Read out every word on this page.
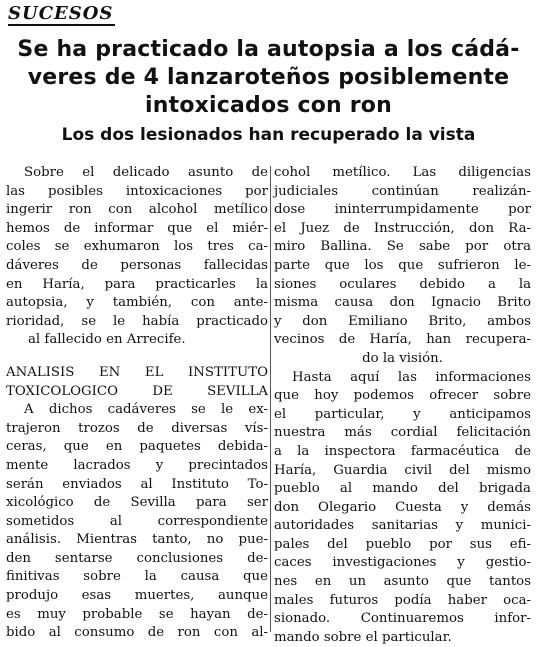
SUCESOS
Se ha practicado la autopsia a los cádá-
veres de 4 lanzaroteños posiblemente
intoxicados con ron
Los dos lesionados han recuperado la vista
Sobre el delicado asunto de
las posibles intoxicaciones por
ingerir ron con alcohol metílico
hemos de informar que el miér-
coles se exhumaron los tres ca-
dáveres de personas fallecidas
en Haría, para practicarles la
autopsia, y también, con ante-
rioridad, se le había practicado
al fallecido en Arrecife.
ANALISIS EN EL INSTITUTO
TOXICOLOGICO DE SEVILLA
A dichos cadáveres se le ex-
trajeron trozos de diversas vís-
ceras, que en paquetes debida-
mente lacrados y precintados
serán enviados al Instituto To-
xicológico de Sevilla para ser
sometidos al correspondiente
análisis. Mientras tanto, no pue-
den sentarse conclusiones de-
finitivas sobre la causa que
produjo esas muertes, aunque
es muy probable se hayan de-
bido al consumo de ron con al-
cohol metílico. Las diligencias
judiciales continúan realizán-
dose ininterrumpidamente por
el Juez de Instrucción, don Ra-
miro Ballina. Se sabe por otra
parte que los que sufrieron le-
siones oculares debido a la
misma causa don Ignacio Brito
y don Emiliano Brito, ambos
vecinos de Haría, han recupera-
do la visión.
Hasta aquí las informaciones
que hoy podemos ofrecer sobre
el particular, y anticipamos
nuestra más cordial felicitación
a la inspectora farmacéutica de
Haría, Guardia civil del mismo
pueblo al mando del brigada
don Olegario Cuesta y demás
autoridades sanitarias y munici-
pales del pueblo por sus efi-
caces investigaciones y gestio-
nes en un asunto que tantos
males futuros podía haber oca-
sionado. Continuaremos infor-
mando sobre el particular.
